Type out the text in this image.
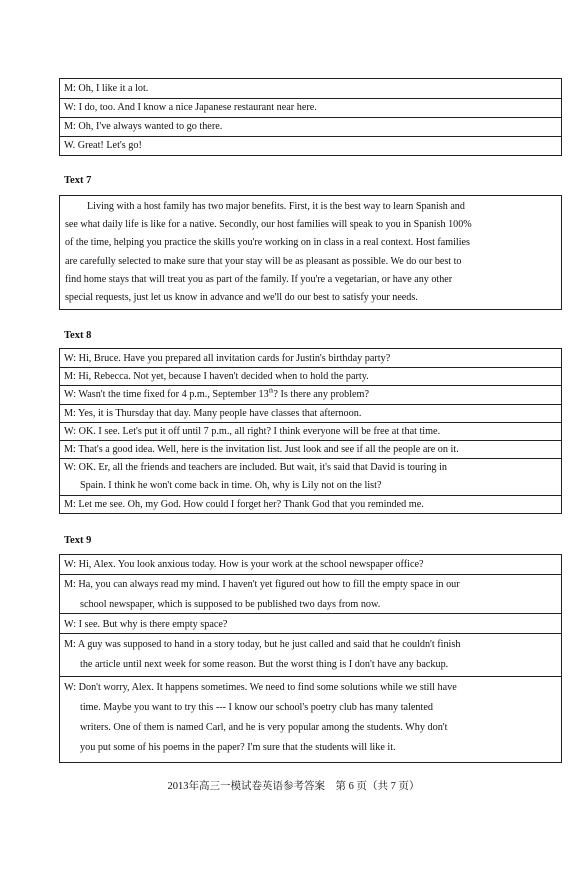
M: Oh, I like it a lot.
W: I do, too. And I know a nice Japanese restaurant near here.
M: Oh, I've always wanted to go there.
W. Great! Let's go!
Text 7
Living with a host family has two major benefits. First, it is the best way to learn Spanish and
see what daily life is like for a native. Secondly, our host families will speak to you in Spanish 100%
of the time, helping you practice the skills you're working on in class in a real context. Host families
are carefully selected to make sure that your stay will be as pleasant as possible. We do our best to
find home stays that will treat you as part of the family. If you're a vegetarian, or have any other
special requests, just let us know in advance and we'll do our best to satisfy your needs.
Text 8
W: Hi, Bruce. Have you prepared all invitation cards for Justin's birthday party?
M: Hi, Rebecca. Not yet, because I haven't decided when to hold the party.
W: Wasn't the time fixed for 4 p.m., September 13th? Is there any problem?
M: Yes, it is Thursday that day. Many people have classes that afternoon.
W: OK. I see. Let's put it off until 7 p.m., all right? I think everyone will be free at that time.
M: That's a good idea. Well, here is the invitation list. Just look and see if all the people are on it.
W: OK. Er, all the friends and teachers are included. But wait, it's said that David is touring in
Spain. I think he won't come back in time. Oh, why is Lily not on the list?
M: Let me see. Oh, my God. How could I forget her? Thank God that you reminded me.
Text 9
W: Hi, Alex. You look anxious today. How is your work at the school newspaper office?
M: Ha, you can always read my mind. I haven't yet figured out how to fill the empty space in our
school newspaper, which is supposed to be published two days from now.
W: I see. But why is there empty space?
M: A guy was supposed to hand in a story today, but he just called and said that he couldn't finish
the article until next week for some reason. But the worst thing is I don't have any backup.
W: Don't worry, Alex. It happens sometimes. We need to find some solutions while we still have
time. Maybe you want to try this --- I know our school's poetry club has many talented
writers. One of them is named Carl, and he is very popular among the students. Why don't
you put some of his poems in the paper? I'm sure that the students will like it.
2013年高三一模试卷英语参考答案　第 6 页（共 7 页）
